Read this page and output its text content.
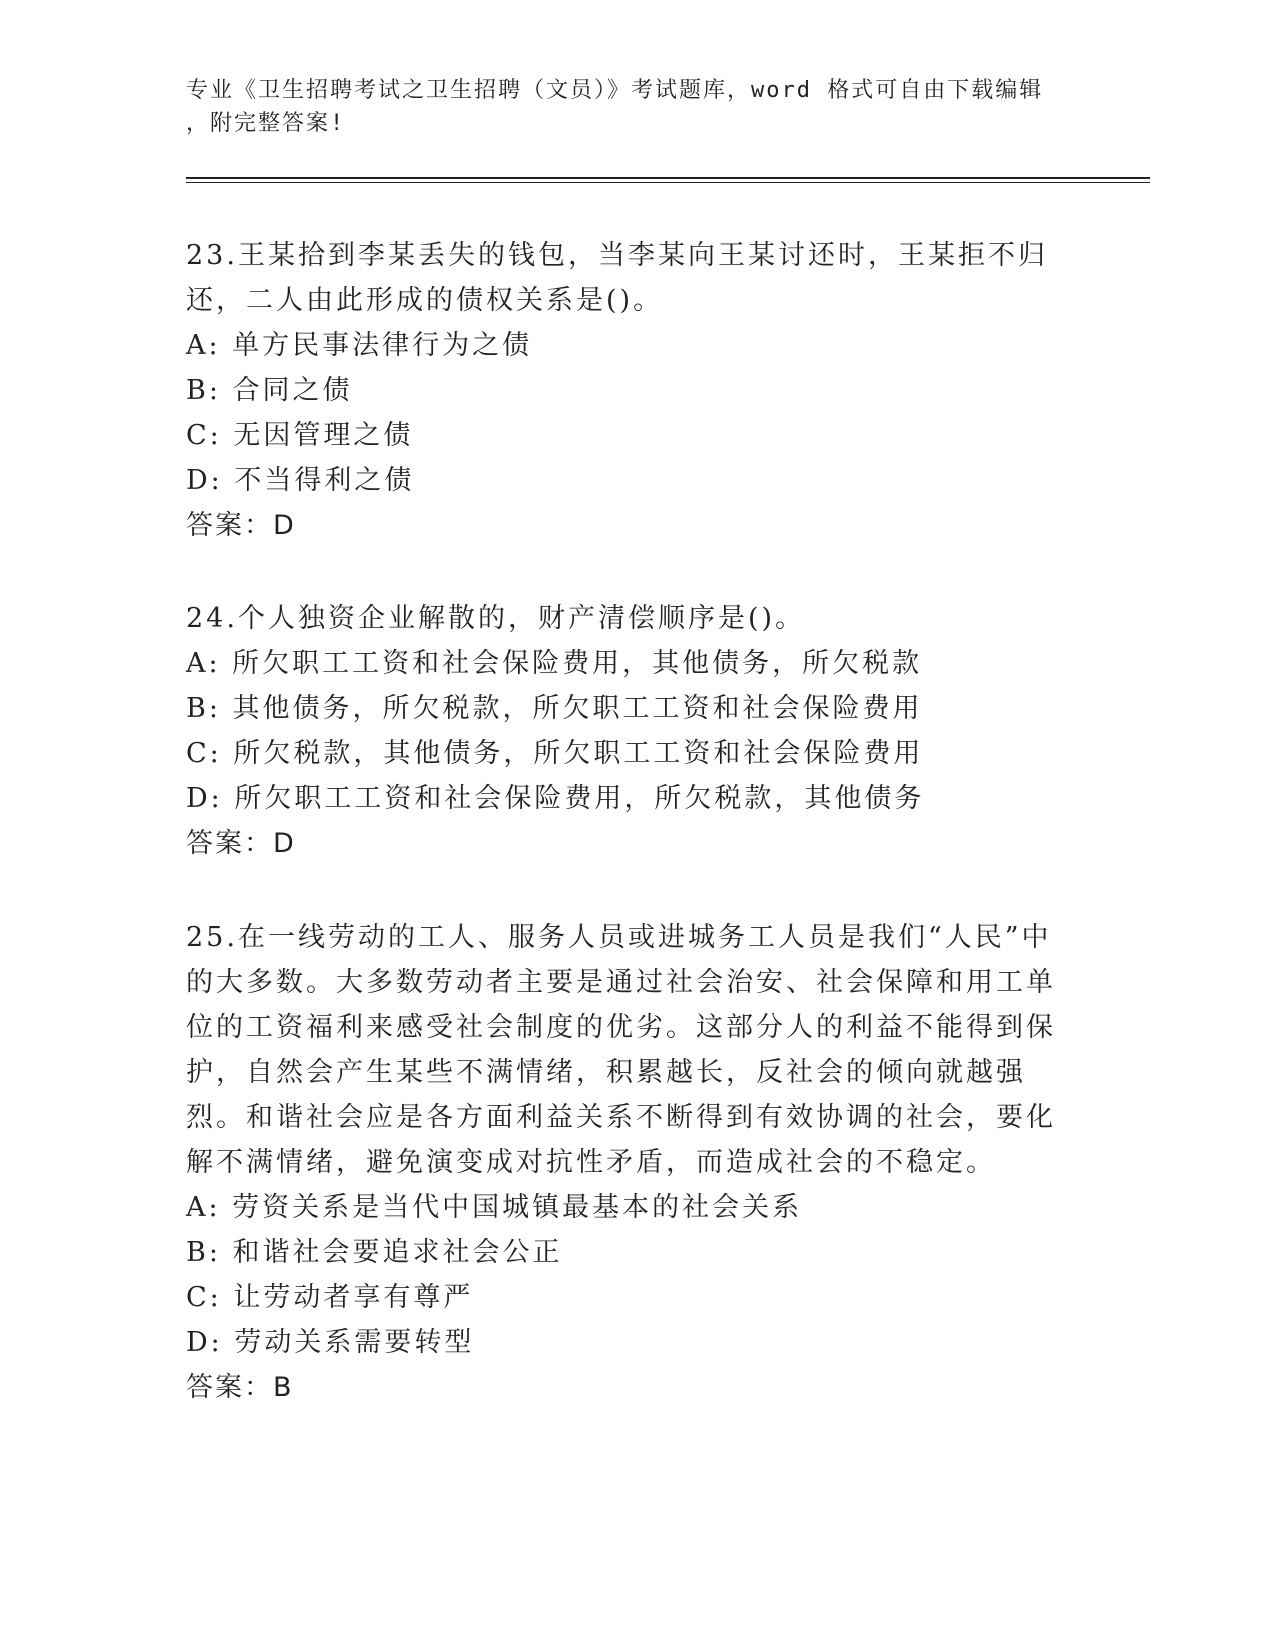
专业《卫生招聘考试之卫生招聘（文员）》考试题库，word 格式可自由下载编辑
，附完整答案!
23.王某拾到李某丢失的钱包，当李某向王某讨还时，王某拒不归还，二人由此形成的债权关系是()。
A: 单方民事法律行为之债
B: 合同之债
C: 无因管理之债
D: 不当得利之债
答案：D
24.个人独资企业解散的，财产清偿顺序是()。
A: 所欠职工工资和社会保险费用，其他债务，所欠税款
B: 其他债务，所欠税款，所欠职工工资和社会保险费用
C: 所欠税款，其他债务，所欠职工工资和社会保险费用
D: 所欠职工工资和社会保险费用，所欠税款，其他债务
答案：D
25.在一线劳动的工人、服务人员或进城务工人员是我们“人民”中的大多数。大多数劳动者主要是通过社会治安、社会保障和用工单位的工资福利来感受社会制度的优劣。这部分人的利益不能得到保护，自然会产生某些不满情绪，积累越长，反社会的倾向就越强烈。和谐社会应是各方面利益关系不断得到有效协调的社会，要化解不满情绪，避免演变成对抗性矛盾，而造成社会的不稳定。
A: 劳资关系是当代中国城镇最基本的社会关系
B: 和谐社会要追求社会公正
C: 让劳动者享有尊严
D: 劳动关系需要转型
答案：B
